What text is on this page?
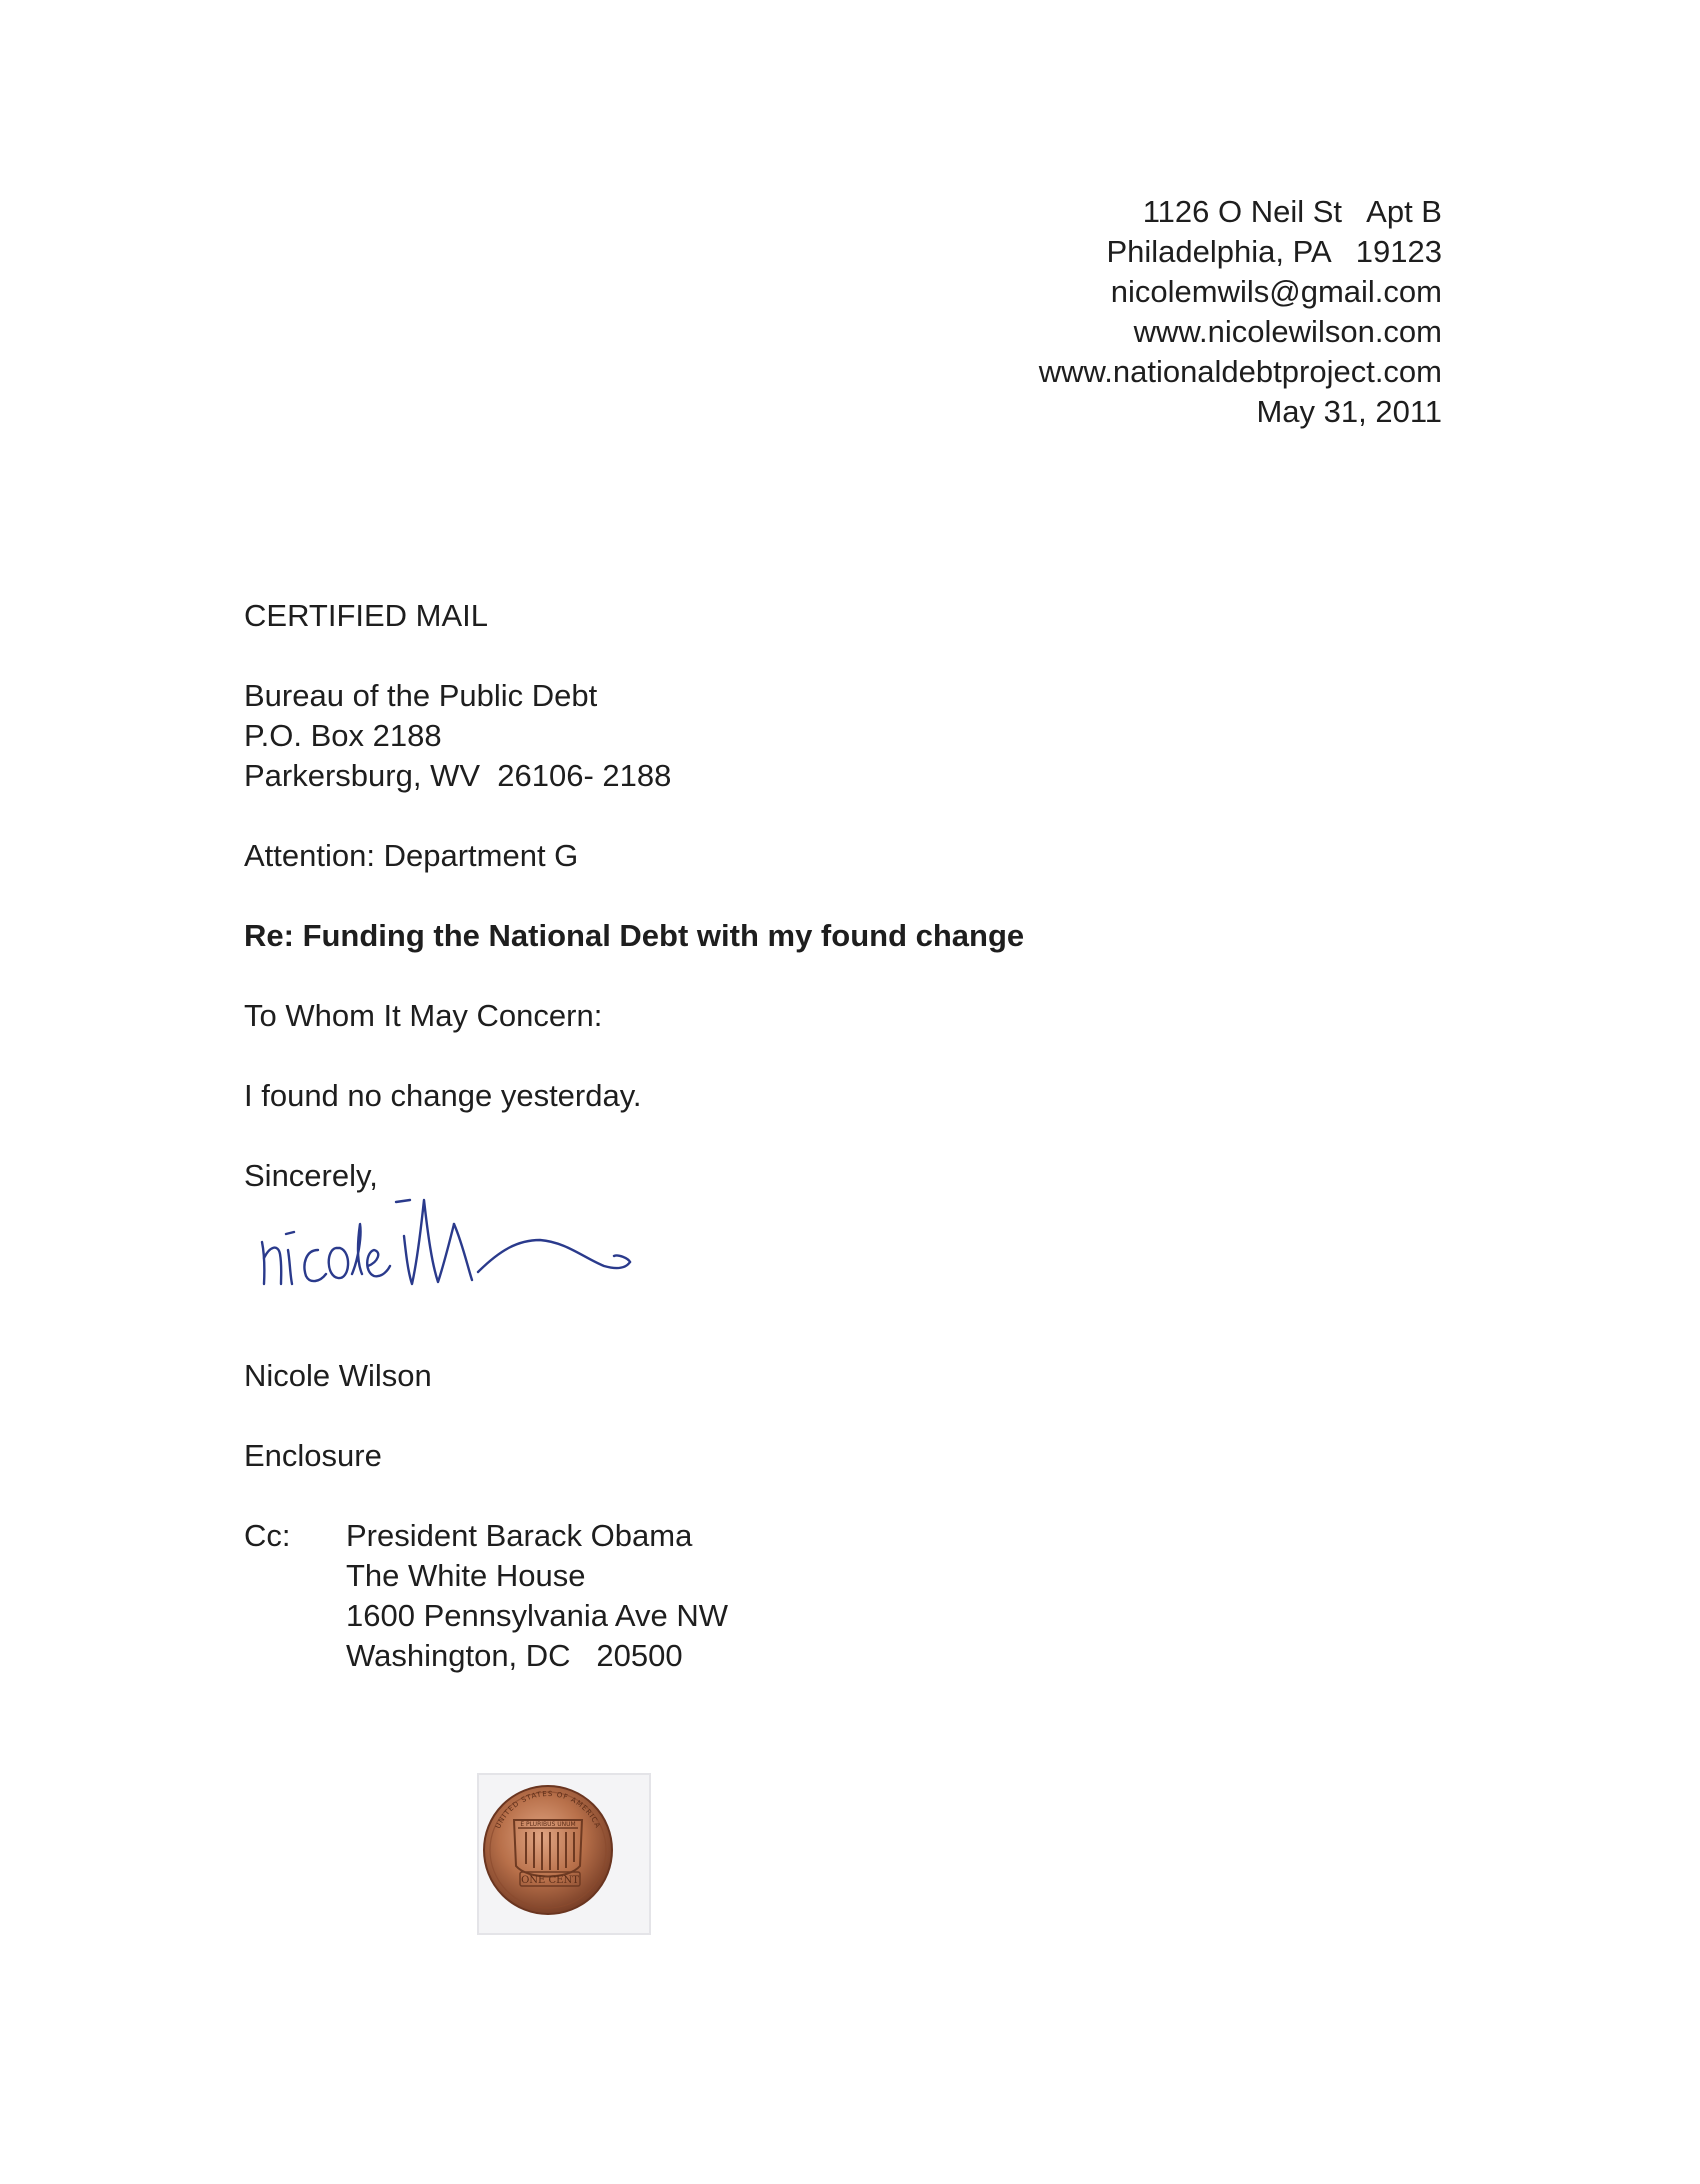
1126 O Neil St   Apt B
Philadelphia, PA   19123
nicolemwils@gmail.com
www.nicolewilson.com
www.nationaldebtproject.com
May 31, 2011
CERTIFIED MAIL
Bureau of the Public Debt
P.O. Box 2188
Parkersburg, WV  26106- 2188
Attention: Department G
Re: Funding the National Debt with my found change
To Whom It May Concern:
I found no change yesterday.
Sincerely,
Nicole Wilson
Enclosure
Cc: President Barack Obama
The White House
1600 Pennsylvania Ave NW
Washington, DC   20500
UNITED STATES OF AMERICA
E PLURIBUS UNUM
ONE CENT
